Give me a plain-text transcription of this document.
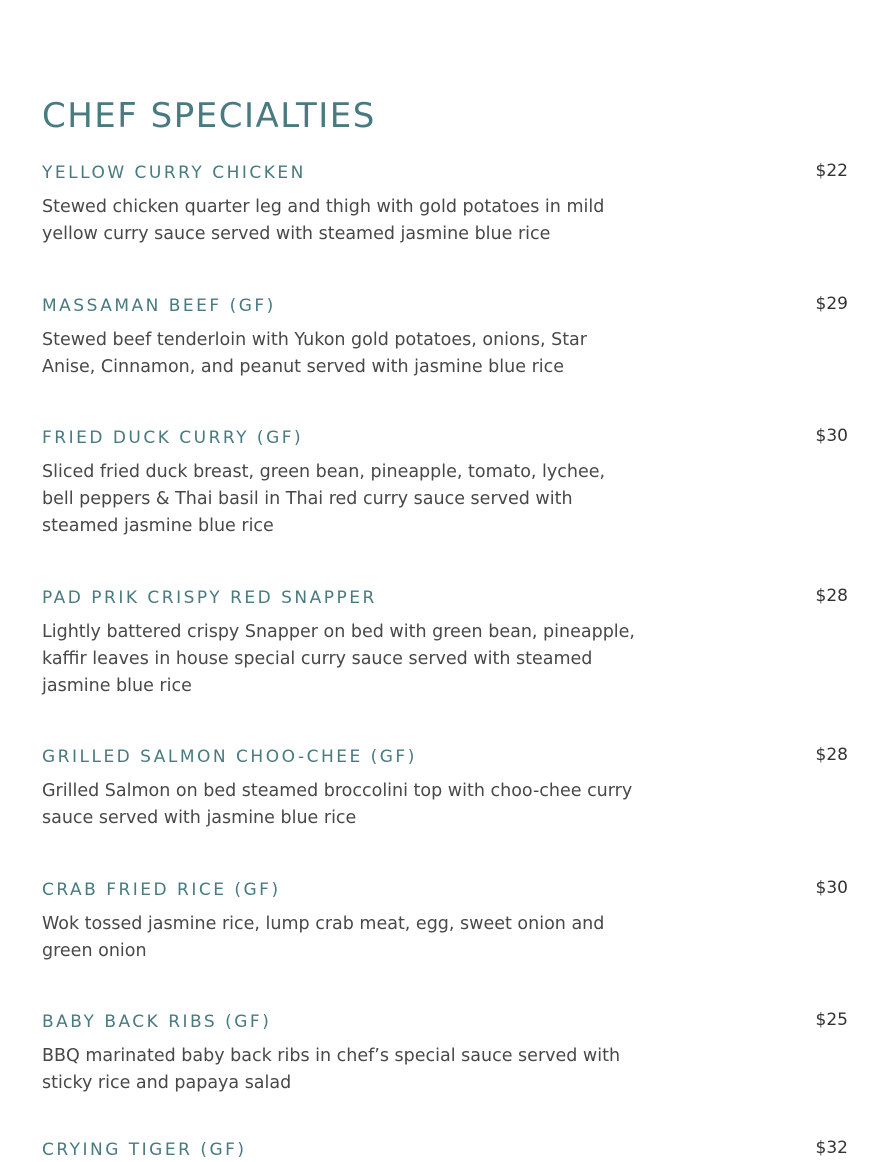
CHEF SPECIALTIES
YELLOW CURRY CHICKEN	$22
Stewed chicken quarter leg and thigh with gold potatoes in mild yellow curry sauce served with steamed jasmine blue rice
MASSAMAN BEEF (GF)	$29
Stewed beef tenderloin with Yukon gold potatoes, onions, Star Anise, Cinnamon, and peanut served with jasmine blue rice
FRIED DUCK CURRY (GF)	$30
Sliced fried duck breast, green bean, pineapple, tomato, lychee, bell peppers & Thai basil in Thai red curry sauce served with steamed jasmine blue rice
PAD PRIK CRISPY RED SNAPPER	$28
Lightly battered crispy Snapper on bed with green bean, pineapple, kaffir leaves in house special curry sauce served with steamed jasmine blue rice
GRILLED SALMON CHOO-CHEE (GF)	$28
Grilled Salmon on bed steamed broccolini top with choo-chee curry sauce served with jasmine blue rice
CRAB FRIED RICE (GF)	$30
Wok tossed jasmine rice, lump crab meat, egg, sweet onion and green onion
BABY BACK RIBS (GF)	$25
BBQ marinated baby back ribs in chef’s special sauce served with sticky rice and papaya salad
CRYING TIGER (GF)	$32
